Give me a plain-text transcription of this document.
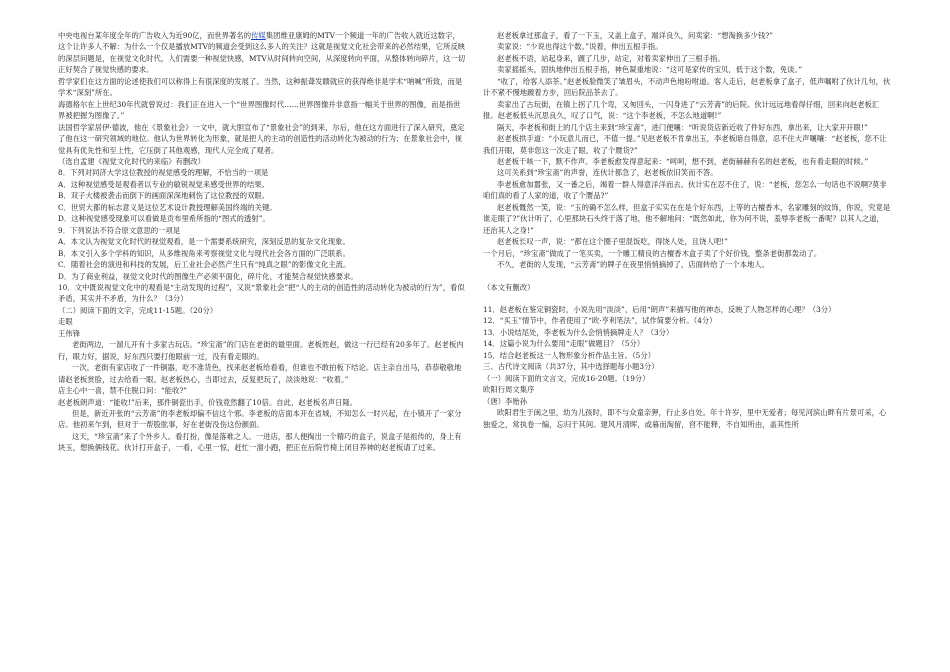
中央电视台某年度全年的广告收入为近90亿，而世界著名的传媒集团维亚康姆的MTV一个频道一年的广告收入就近这数字，这个让许多人不解：为什么一个仅是播放MTV的频道会受到这么多人的关注？这就是视觉文化社会带来的必然结果，它所反映的深层问题是，在视觉文化时代，人们需要一种视觉快感，MTV从时间转向空间，从深度转向平面，从整体转向碎片，这一切正好契合了视觉快感的要求。

哲学家们在这方面的论述使我们可以称得上有很深度的发展了。当然，这种振聋发聩就应的获得绝非是学术“呐喊”所致，而是学术“深刻”所在。

海德格尔在上世纪30年代就曾说过：我们正在进入一个“世界图像时代……世界图像并非意指一幅关于世界的图像，而是指世界被把握为图像了。”

法国哲学家居伊·德波，他在《景象社会》一文中，就大胆宣布了“景象社会”的到来，尔后，他在这方面进行了深入研究，奠定了他在这一研究领域的地位。他认为世界转化为形象，就是把人的主动的创造性的活动转化为被动的行为；在景象社会中，视觉具有优先性和至上性，它压倒了其他观感，现代人完全成了观者。

（选自孟建《视觉文化时代的来临》有删改）

8．下列对同济大学这位教授的视觉感受的理解，不恰当的一项是

A．这种视觉感受是观看者以专业的敏锐视觉来感受世界的结果。

B．双子大楼被袭击而倒下的画面深深地刺伤了这位教授的双眼。

C．世贸大都的标志意义是这位艺术设计教授理解美国终端的关键。

D．这种视觉感受现象可以看做是贡布里希所指的“图式的透射”。

9．下列说法不符合原文意思的一项是

A．本文认为视觉文化时代的视觉观看，是一个需要系统研究，深刻反思的复杂文化现象。

B．本文引入多个学科的知识，从多维视角来考察视觉文化与现代社会各方面的广泛联系。

C．随着社会的演进和科技的发展，后工业社会必然产生只有“纯真之眼”的影像文化主流。

D．为了商业利益，视觉文化时代的图像生产必须平面化，碎片化，才能契合视觉快感要求。

10．文中既说视觉文化中的观看是“主动发现的过程”，又说“景象社会”把“人的主动的创造性的活动转化为被动的行为”，看似矛盾，其实并不矛盾，为什么？（3分）

（二）阅读下面的文字，完成11-15题。（20分）

走眼

王伟锋

老街两边，一溜儿开有十多家古玩店。“珍宝斋”的门店在老街的最里面。老板姓赵，做这一行已经有20多年了。赵老板内行，眼力好，据说，好东西只要打他眼前一过，没有看走眼的。

一次，老街有家店收了一件铜器，吃不准货色，找来赵老板给看看，但谁也不敢拍板下结论。店主亲自出马，恭恭敬敬地请赵老板赏脸，过去给看一眼。赵老板热心，当即过去，反复把玩了，淡淡地说：“收着。”

店主心中一喜，禁不住脱口问：“能收?”

赵老板朗声道：“能收!”后来，那件铜瓷出手，价钱竟然翻了10倍。自此，赵老板名声日隆。

但是，新近开张的“云芳斋”的李老板却偏不信这个邪。李老板的店面本开在省城，不知怎么一时兴起，在小镇开了一家分店。他初来乍到，但对于一帮股肱事，好在老街没伤这份颜面。

这天，“珍宝斋”来了个外乡人。看打扮，像是落难之人。一进店，那人便掏出一个精巧的盒子，说盒子是祖传的，身上有块玉，想换俩钱花。伙计打开盒子，一看，心里一惊，赶忙一溜小跑，把正在后院竹椅上闭目养神的赵老板请了过来。

赵老板拿过那盒子，看了一下玉，又盖上盒子，端详良久，问卖家：“想淘换多少钱?”

卖家说：“少说也得这个数。”说着，伸出五根手指。

赵老板不语，站起身来，踱了几步，站定，对着卖家伸出了三根手指。

卖家摇摇头，固执地伸出五根手指，神色凝重地说：“这可是家传的宝贝，低于这个数，免谈。”

“收了，给客人添茶。”赵老板脸微笑了皱眉头，不动声色地吩咐道。客人走后，赵老板拿了盒子，低声嘱咐了伙计几句，伙计不紧不慢地踱着方步，回后院品茶去了。

卖家出了古玩街，在镇上拐了几个弯，又匆回头，一闪身进了“云芳斋”的后院。伙计远远地看得仔细，回来向赵老板汇报。赵老板低头沉思良久，叹了口气，说：“这个李老板，不怎么地道啊!”

隔天，李老板和街上的几个店主来到“珍宝斋”，进门便嚷：“听说货店新近收了件好东西，拿出来，让大家开开眼!”

赵老板拱手道：“小玩意儿而已，不值一提。”见赵老板不肯拿出玉，李老板暗自得意，忍不住大声嚷嚷：“赵老板，您不让我们开眼，莫非您这一次走了眼，收了个赝货?”

赵老板干咳一下，默不作声。李老板愈发得意起来：“呵呵，想不到，老街赫赫有名的赵老板，也有看走眼的时候。”

这可关系到“珍宝斋”的声誉，连伙计都急了，赵老板依旧笑而不答。

李老板愈加嚣张，又一番之后，竭着一群人得意洋洋而去。伙计实在忍不住了，说：“老板，您怎么一句话也不说啊?莫非咱们真的看了人家的道，收了个赝品?”

赵老板慨然一笑，说：“玉的确不怎么样，但盒子实实在在是个好东西，上等的古檀香木，名家雕刻的纹饰，你说，究竟是谁走眼了?”伙计听了，心里那块石头终于落了地，他不解地问：“既然如此，你为何不说，羞辱李老板一番呢？以其人之道，还治其人之身!”

赵老板长叹一声，说：“都在这个圈子里混饭吃，得饶人处，且饶人吧!”

一个月后，“珍宝斋”做成了一笔买卖，一个雕工精良的古檀香木盒子卖了个好价钱，整条老街都轰动了。

不久，老街的人发现，“云芳斋”的牌子在夜里悄悄摘掉了，店面转给了一个本地人。

（本文有删改）

11．赵老板在鉴定铜瓷时，小说先用“淡淡”，后用“朗声”来描写他的神态，反映了人物怎样的心理？（3分）

12．“买玉”情节中，作者使用了“欧·亨利笔法”，试作简要分析。（4分）

13．小说结尾处，李老板为什么会悄悄摘牌走人？（3分）

14．这篇小说为什么要用“走眼”做题目？（5分）

15．结合赵老板这一人物形象分析作品主旨。（5分）

三、古代诗文阅读（共37分，其中选择题每小题3分）

（一）阅读下面的文言文，完成16-20题。（19分）

欧阳行周文集序

（唐）李贻孙

欧阳君生于闽之里，幼为儿孩时，即不与众童亲狎，行止多自处。年十许岁，里中无爱者；每见河滨山畔有片景可采，心独爱之，常执卷一编，忘归于其间。建风月清晖，或暮而淘留，窅不能释，不自知所由，盖其性所
